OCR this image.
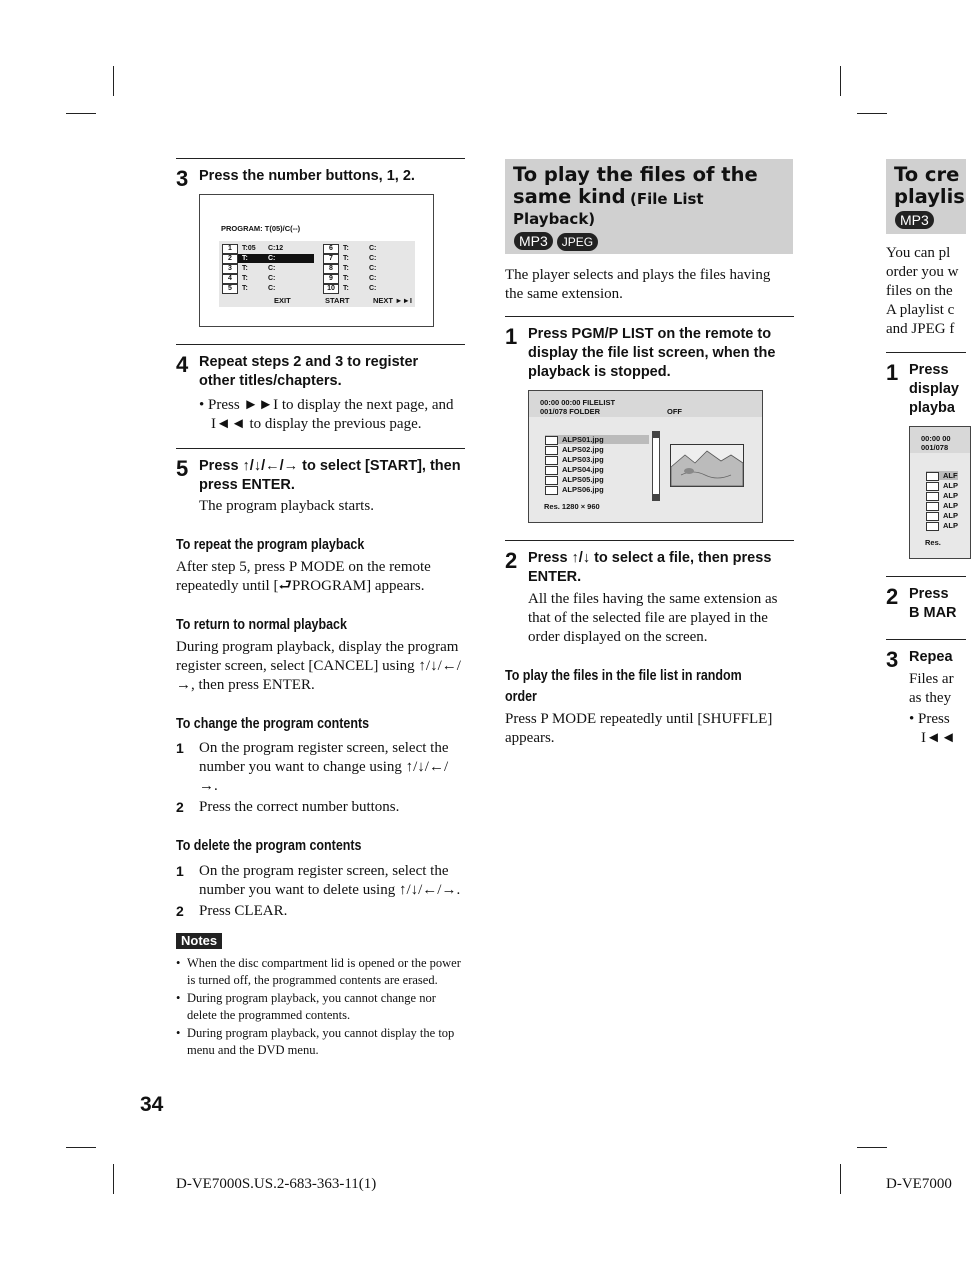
3 Press the number buttons, 1, 2.
PROGRAM: T(05)/C(--)
1 T:05 C:12
2 T:	C:
3 T:	C:
4 T:	C:
5 T:	C:
6 T:	C:
7 T:	C:
8 T:	C:
9 T:	C:
10 T:	C:
EXIT	START	NEXT ►►I
4 Repeat steps 2 and 3 to register other titles/chapters.
• Press ►►I to display the next page, and
I◄◄ to display the previous page.
5 Press ↑/↓/←/→ to select [START], then press ENTER.
The program playback starts.
To repeat the program playback
After step 5, press P MODE on the remote repeatedly until [⮐PROGRAM] appears.
To return to normal playback
During program playback, display the program register screen, select [CANCEL] using ↑/↓/←/→, then press ENTER.
To change the program contents
1 On the program register screen, select the number you want to change using ↑/↓/←/→.
2 Press the correct number buttons.
To delete the program contents
1 On the program register screen, select the number you want to delete using ↑/↓/←/→.
2 Press CLEAR.
Notes
• When the disc compartment lid is opened or the power is turned off, the programmed contents are erased.
• During program playback, you cannot change nor delete the programmed contents.
• During program playback, you cannot display the top menu and the DVD menu.
34
D-VE7000S.US.2-683-363-11(1)
To play the files of the
same kind (File List
Playback)
MP3 JPEG
The player selects and plays the files having the same extension.
1 Press PGM/P LIST on the remote to display the file list screen, when the playback is stopped.
00:00 00:00 FILELIST
001/078 FOLDER	OFF
ALPS01.jpg
ALPS02.jpg
ALPS03.jpg
ALPS04.jpg
ALPS05.jpg
ALPS06.jpg
Res. 1280 × 960
2 Press ↑/↓ to select a file, then press ENTER.
All the files having the same extension as that of the selected file are played in the order displayed on the screen.
To play the files in the file list in random
order
Press P MODE repeatedly until [SHUFFLE] appears.
To cre
playlis
MP3
You can pl
order you w
files on the
A playlist c
and JPEG f
1 Press
display
playba
00:00 00
001/078
ALF
ALP
ALP
ALP
ALP
ALP
Res.
2 Press
B MAR
3 Repea
Files ar
as they
• Press
I◄◄
D-VE7000
